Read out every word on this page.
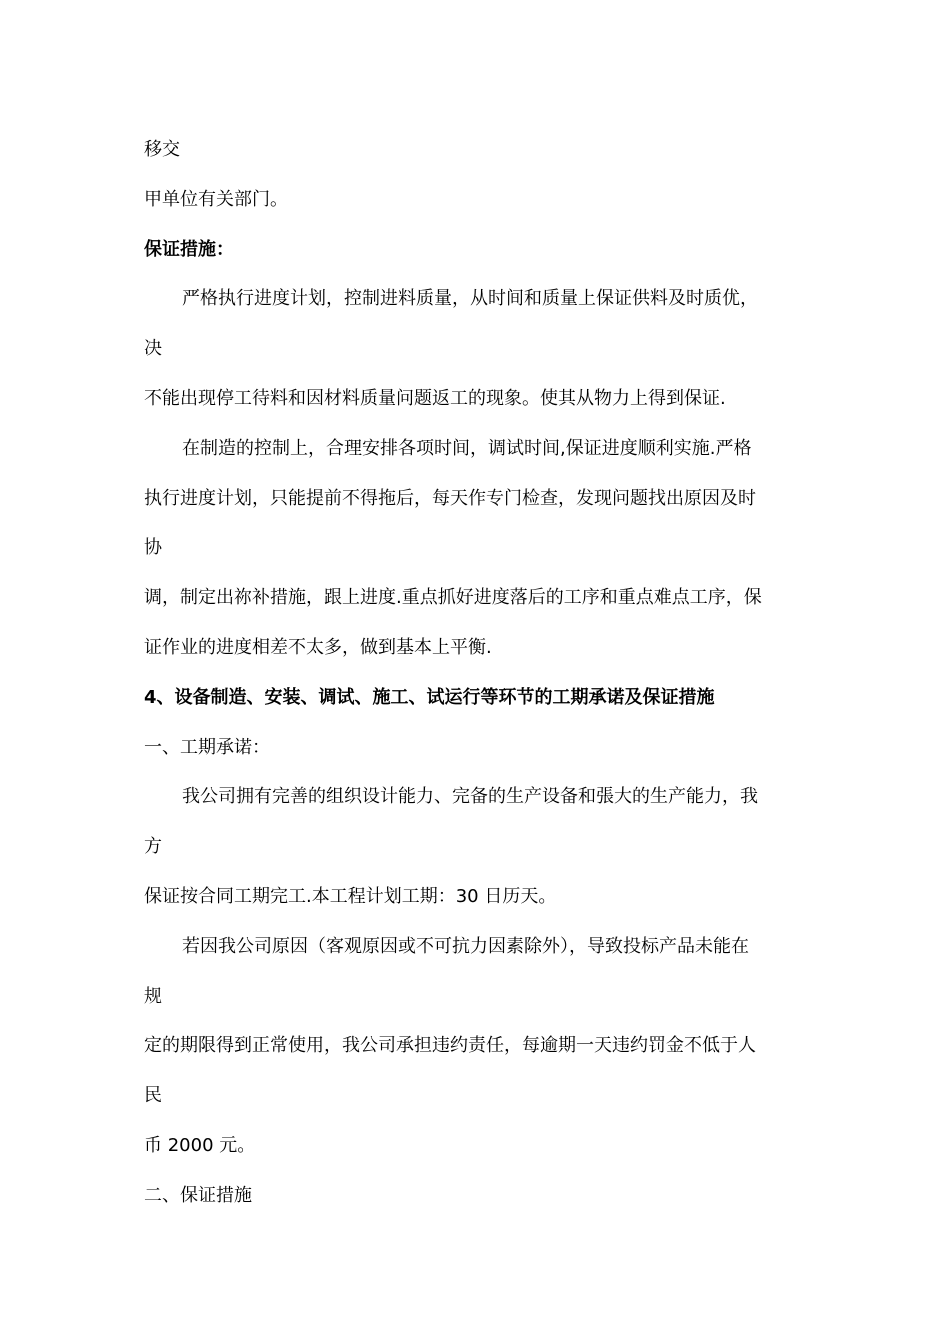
移交
甲单位有关部门。
保证措施：
严格执行进度计划，控制进料质量，从时间和质量上保证供料及时质优，
决
不能出现停工待料和因材料质量问题返工的现象。使其从物力上得到保证.
在制造的控制上，合理安排各项时间，调试时间,保证进度顺利实施.严格
执行进度计划，只能提前不得拖后，每天作专门检查，发现问题找出原因及时
协
调，制定出祢补措施，跟上进度.重点抓好进度落后的工序和重点难点工序，保
证作业的进度相差不太多，做到基本上平衡.
4、设备制造、安装、调试、施工、试运行等环节的工期承诺及保证措施
一、工期承诺：
我公司拥有完善的组织设计能力、完备的生产设备和張大的生产能力，我
方
保证按合同工期完工.本工程计划工期：30 日历天。
若因我公司原因（客观原因或不可抗力因素除外），导致投标产品未能在
规
定的期限得到正常使用，我公司承担违约责任，每逾期一天违约罚金不低于人
民
币 2000 元。
二、保证措施
